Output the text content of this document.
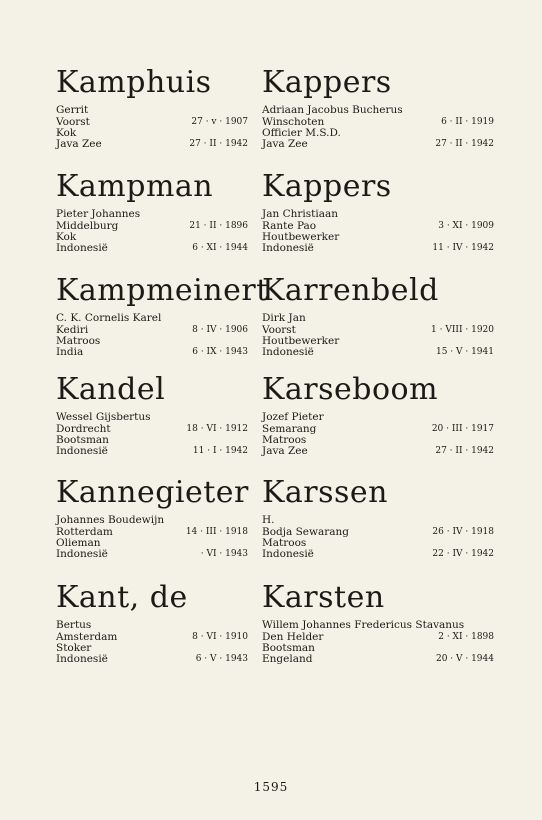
Kamphuis
Gerrit
Voorst	27 · v · 1907
Kok
Java Zee	27 · II · 1942
Kampman
Pieter Johannes
Middelburg	21 · II · 1896
Kok
Indonesië	6 · XI · 1944
Kampmeinert
C. K. Cornelis Karel
Kediri	8 · IV · 1906
Matroos
India	6 · IX · 1943
Kandel
Wessel Gijsbertus
Dordrecht	18 · VI · 1912
Bootsman
Indonesië	11 · I · 1942
Kannegieter
Johannes Boudewijn
Rotterdam	14 · III · 1918
Olieman
Indonesië	· VI · 1943
Kant, de
Bertus
Amsterdam	8 · VI · 1910
Stoker
Indonesië	6 · V · 1943
Kappers
Adriaan Jacobus Bucherus
Winschoten	6 · II · 1919
Officier M.S.D.
Java Zee	27 · II · 1942
Kappers
Jan Christiaan
Rante Pao	3 · XI · 1909
Houtbewerker
Indonesië	11 · IV · 1942
Karrenbeld
Dirk Jan
Voorst	1 · VIII · 1920
Houtbewerker
Indonesië	15 · V · 1941
Karseboom
Jozef Pieter
Semarang	20 · III · 1917
Matroos
Java Zee	27 · II · 1942
Karssen
H.
Bodja Sewarang	26 · IV · 1918
Matroos
Indonesië	22 · IV · 1942
Karsten
Willem Johannes Fredericus Stavanus
Den Helder	2 · XI · 1898
Bootsman
Engeland	20 · V · 1944
1595
